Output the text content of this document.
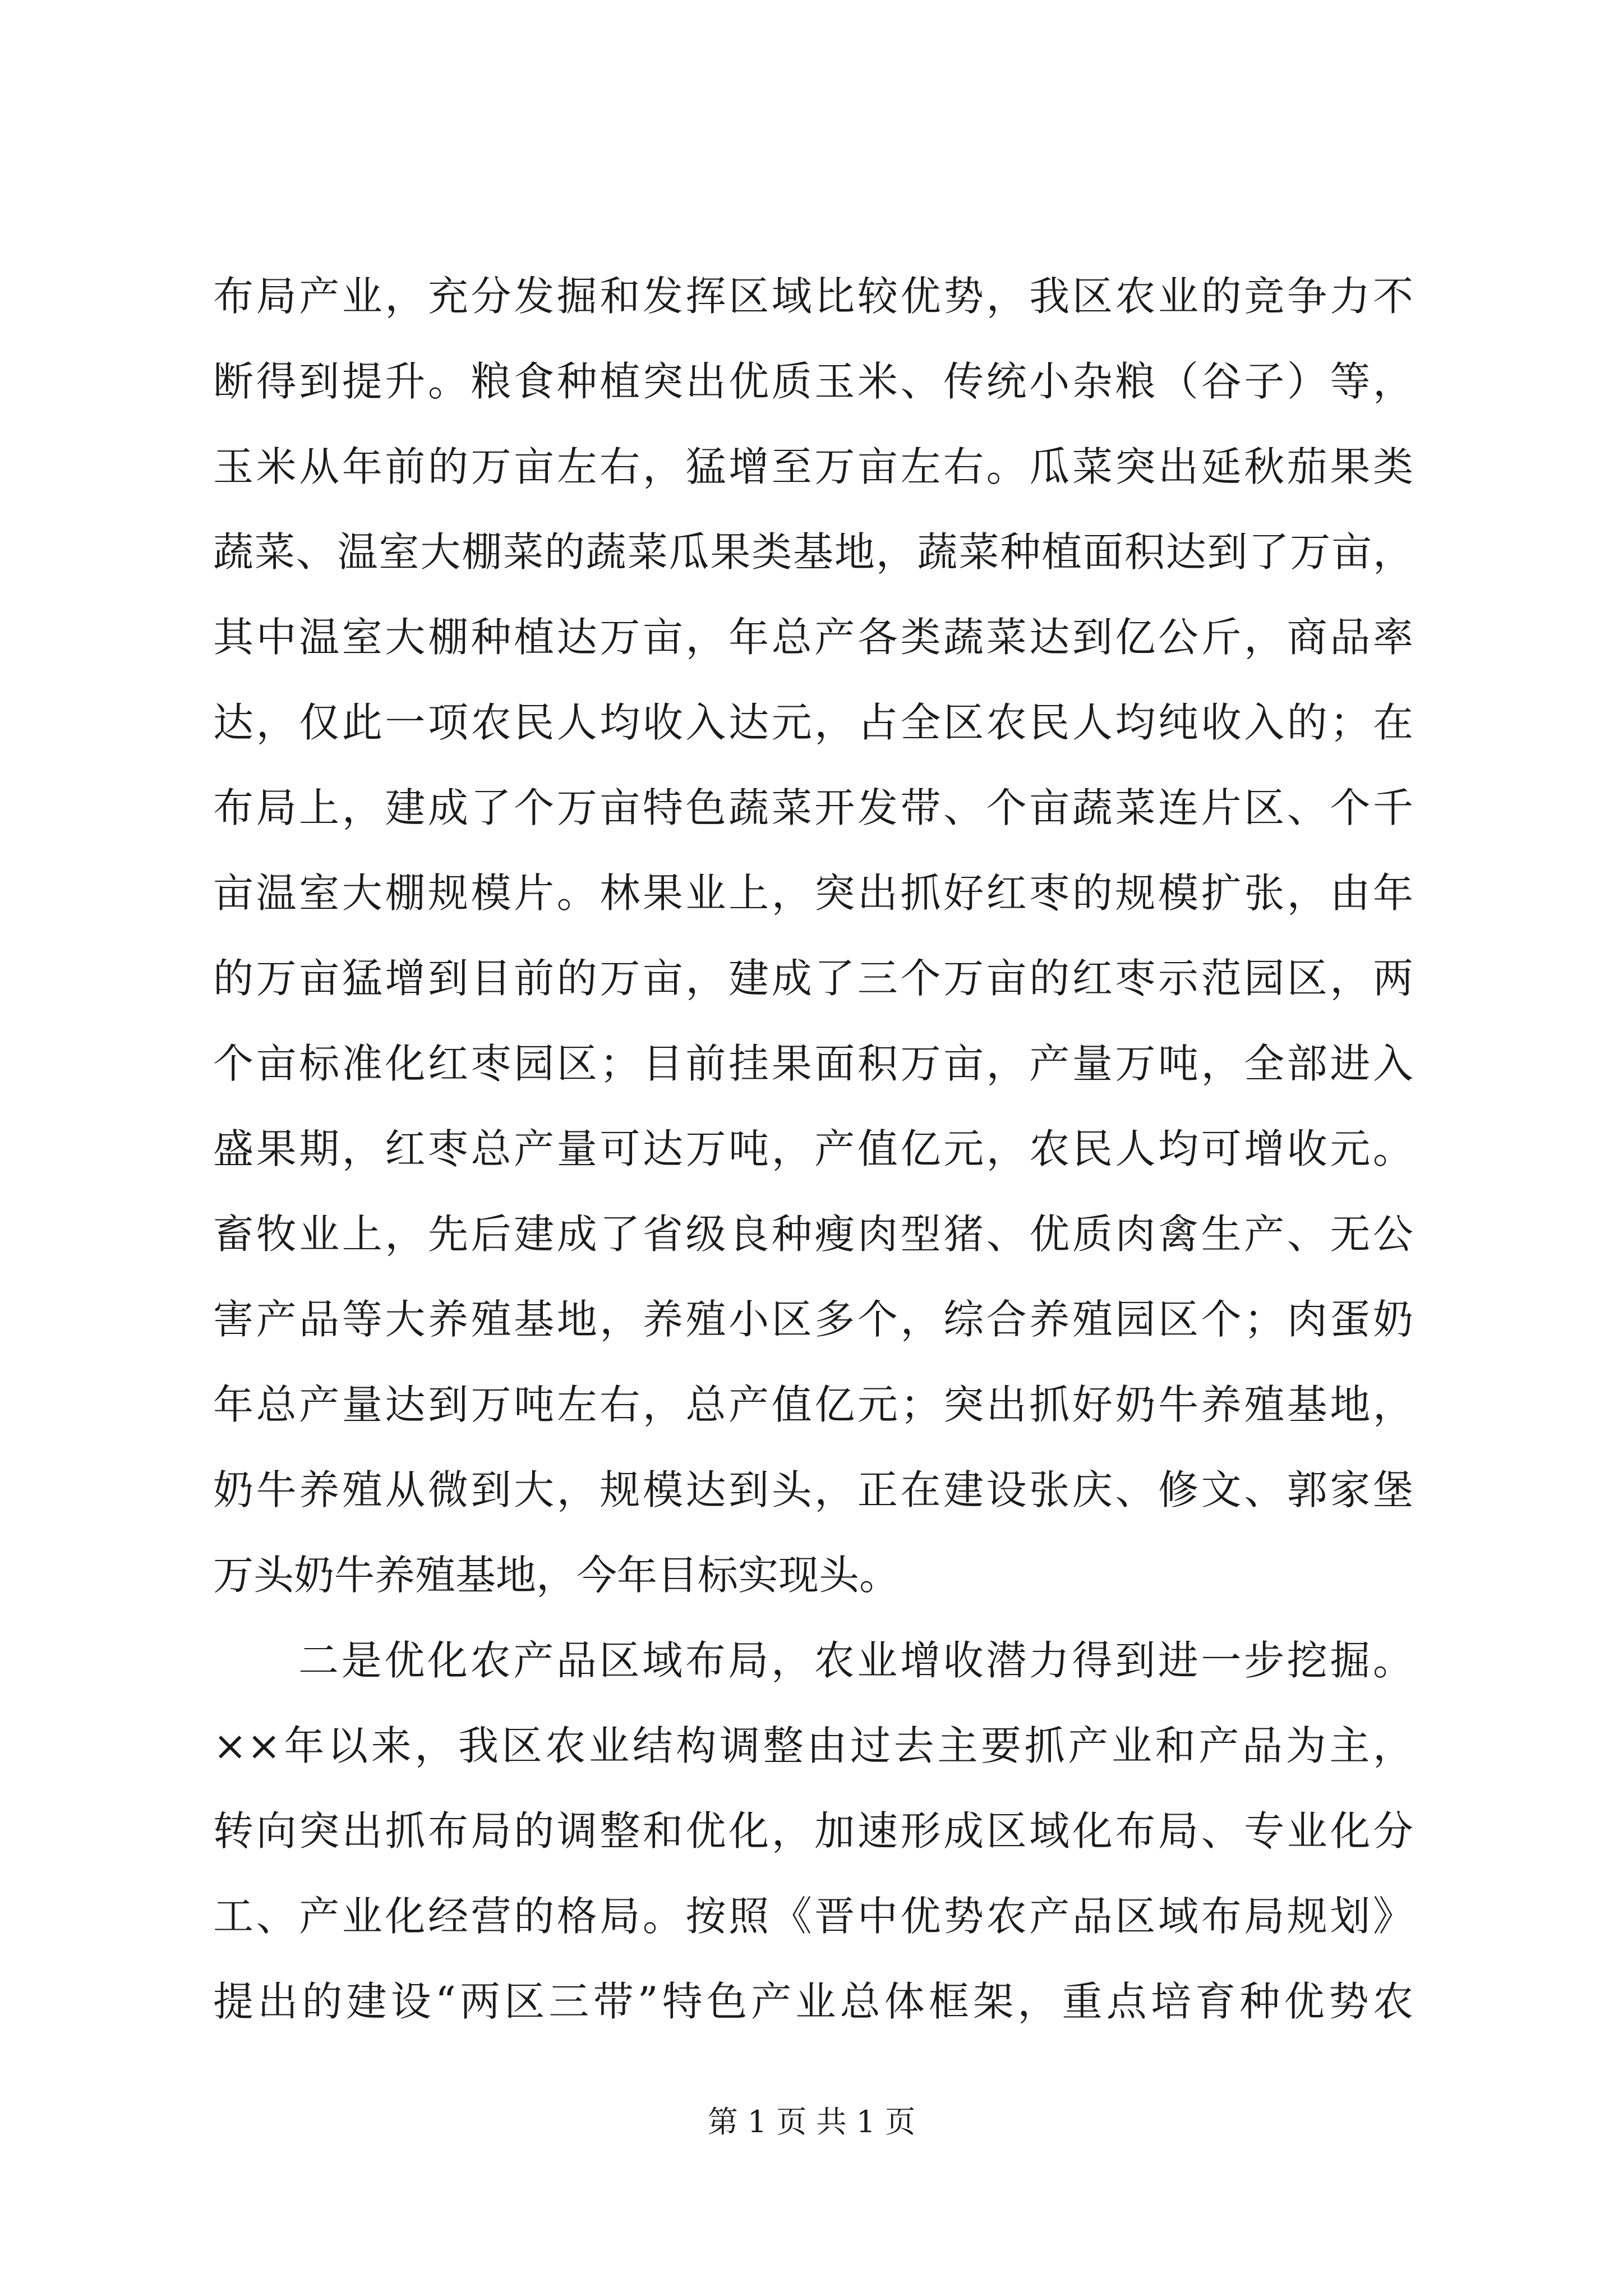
布局产业，充分发掘和发挥区域比较优势，我区农业的竞争力不
断得到提升。粮食种植突出优质玉米、传统小杂粮（谷子）等，
玉米从年前的万亩左右，猛增至万亩左右。瓜菜突出延秋茄果类
蔬菜、温室大棚菜的蔬菜瓜果类基地，蔬菜种植面积达到了万亩，
其中温室大棚种植达万亩，年总产各类蔬菜达到亿公斤，商品率
达，仅此一项农民人均收入达元，占全区农民人均纯收入的；在
布局上，建成了个万亩特色蔬菜开发带、个亩蔬菜连片区、个千
亩温室大棚规模片。林果业上，突出抓好红枣的规模扩张，由年
的万亩猛增到目前的万亩，建成了三个万亩的红枣示范园区，两
个亩标准化红枣园区；目前挂果面积万亩，产量万吨，全部进入
盛果期，红枣总产量可达万吨，产值亿元，农民人均可增收元。
畜牧业上，先后建成了省级良种瘦肉型猪、优质肉禽生产、无公
害产品等大养殖基地，养殖小区多个，综合养殖园区个；肉蛋奶
年总产量达到万吨左右，总产值亿元；突出抓好奶牛养殖基地，
奶牛养殖从微到大，规模达到头，正在建设张庆、修文、郭家堡
万头奶牛养殖基地，今年目标实现头。
二是优化农产品区域布局，农业增收潜力得到进一步挖掘。
××年以来，我区农业结构调整由过去主要抓产业和产品为主，
转向突出抓布局的调整和优化，加速形成区域化布局、专业化分
工、产业化经营的格局。按照《晋中优势农产品区域布局规划》
提出的建设“两区三带”特色产业总体框架，重点培育种优势农
第 1 页 共 1 页
